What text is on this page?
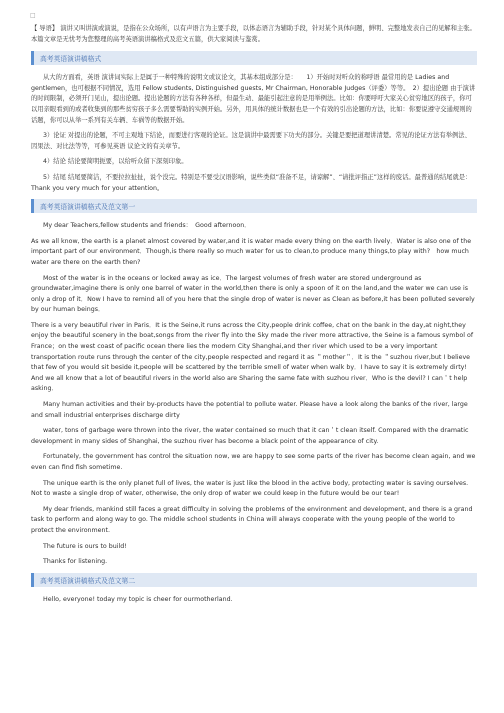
□

【 导语】 演讲又叫讲演或演说，是指在公众场所，以有声语言为主要手段，以体态语言为辅助手段，针对某个具体问题，鲜明、完整地发表自己的见解和主张。本篇文章是无忧考为您整理的高考英语演讲稿格式及范文五篇，供大家阅读与鉴赏。

高考英语演讲稿格式

从大的方面看，英语 演讲词实际上是属于一种特殊的说明文或议论文，其基本组成部分是：　　1）开始时对听众的称呼语 最常用的是 Ladies and gentlemen，也可根据不同情况，选用 Fellow students, Distinguished guests, Mr Chairman, Honorable Judges（评委）等等。　2）提出论题 由于演讲的时间限制，必须开门见山，提出论题。提出论题的方法有各种各样，但最生动、最能引起注意的是用举例法。比如：你要呼吁大家关心贫穷地区的孩子，你可以用亲眼看到的或者收集到的那些贫穷孩子多么需要帮助的实例开始。另外，用具体的统计数据也是一个有效的引出论题的方法，比如：你要说遵守交通规则的话题，你可以从举一系列有关车辆、车祸等的数据开始。

3）论证 对提出的论题，不可主观地下结论，而要进行客观的论证。这是演讲中最需要下功夫的部分。关键是要把道理讲清楚。常见的论证方法有举例法、因果法、对比法等等，可参见英语 议论文的有关章节。

4）结论 结论要简明扼要，以给听众留下深刻印象。

5）结尾 结尾要简洁，不要拉拉扯扯，说个没完。特别是不要受汉语影响，说些类似“准备不足，请谅解”、“请批评指正”这样的废话。最普通的结尾就是：Thank you very much for your attention。

高考英语演讲稿格式及范文第一

My dear Teachers,fellow students and friends：　Good afternoon．

As we all know, the earth is a planet almost covered by water,and it is water made every thing on the earth lively．Water is also one of the important part of our environment．Though,is there really so much water for us to clean,to produce many things,to play with?　how much water are there on the earth then?

Most of the water is in the oceans or locked away as ice．The largest volumes of fresh water are stored underground as groundwater,imagine there is only one barrel of water in the world,then there is only a spoon of it on the land,and the water we can use is only a drop of it．Now I have to remind all of you here that the single drop of water is never as Clean as before,it has been polluted severely by our human beings．

There is a very beautiful river in Paris．It is the Seine,it runs across the City,people drink coffee, chat on the bank in the day,at night,they enjoy the beautiful scenery in the boat,songs from the river fly into the Sky made the river more attractive, the Seine is a famous symbol of France；on the west coast of pacific ocean there lies the modern City Shanghai,and ther river which used to be a very important transportation route runs through the center of the city,people respected and regard it as ＂mother＂．It is the ＂suzhou river,but I believe that few of you would sit beside it,people will be scattered by the terrible smell of water when walk by．I have to say it is extremely dirty! And we all know that a lot of beautiful rivers in the world also are Sharing the same fate with suzhou river．Who is the devil? I can＇t help asking．

Many human activities and their by-products have the potential to pollute water. Please have a look along the banks of the river, large and small industrial enterprises discharge dirty

water, tons of garbage were thrown into the river, the water contained so much that it can＇t clean itself. Compared with the dramatic development in many sides of Shanghai, the suzhou river has become a black point of the appearance of city.

Fortunately, the government has control the situation now, we are happy to see some parts of the river has become clean again, and we even can find fish sometime.

The unique earth is the only planet full of lives, the water is just like the blood in the active body, protecting water is saving ourselves. Not to waste a single drop of water, otherwise, the only drop of water we could keep in the future would be our tear!

My dear friends, mankind still faces a great difficulty in solving the problems of the environment and development, and there is a grand task to perform and along way to go. The middle school students in China will always cooperate with the young people of the world to protect the environment.

The future is ours to build!

Thanks for listening.

高考英语演讲稿格式及范文第二

Hello, everyone! today my topic is cheer for ourmotherland.
